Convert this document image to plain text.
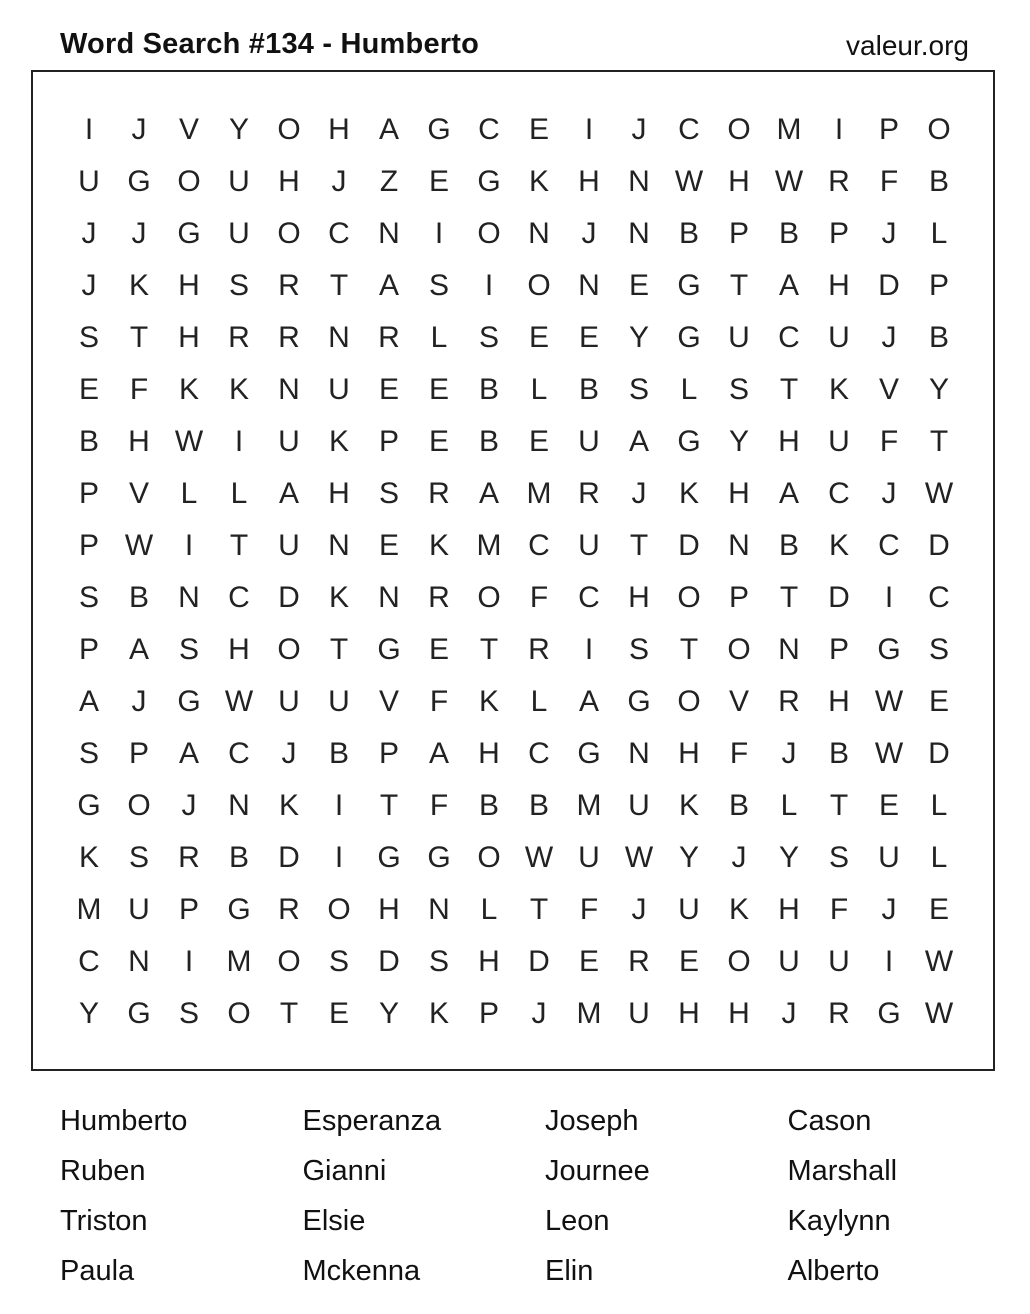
Word Search #134 - Humberto	valeur.org
I	J	V Y O H A G C E	I	J	C O M	I	P O
U G O U H	J	Z	E G K H N W H W R	F	B
J	J	G U O C N	I	O N	J	N B P B P	J	L
J	K H S R	T	A S	I	O N E G T	A H D P
S	T	H R R N R	L	S E E Y G U C U	J	B
E	F	K K N U E E B	L	B S	L	S	T	K V Y
B H W	I	U K P E B E U A G Y H U	F	T
P V	L	L	A H S R A M R	J	K H A C	J W
P W	I	T	U N E K M C U	T	D N B K C D
S B N C D K N R O F	C H O P	T	D	I	C
P A S H O T G E	T	R	I	S	T O N P G S
A	J	G W U U V	F	K	L	A G O V R H W E
S P A C	J	B P A H C G N H	F	J	B W D
G O	J	N K	I	T	F	B B M U K B	L	T	E	L
K S R B D	I	G G O W U W Y	J	Y S U	L
M U P G R O H N	L	T	F	J	U K H	F	J	E
C N	I	M O S D S H D E R E O U U	I	W
Y G S O T	E Y K P	J	M U H H	J	R G W
Humberto	Esperanza	Joseph	Cason
Ruben	Gianni	Journee	Marshall
Triston	Elsie	Leon	Kaylynn
Paula	Mckenna	Elin	Alberto
